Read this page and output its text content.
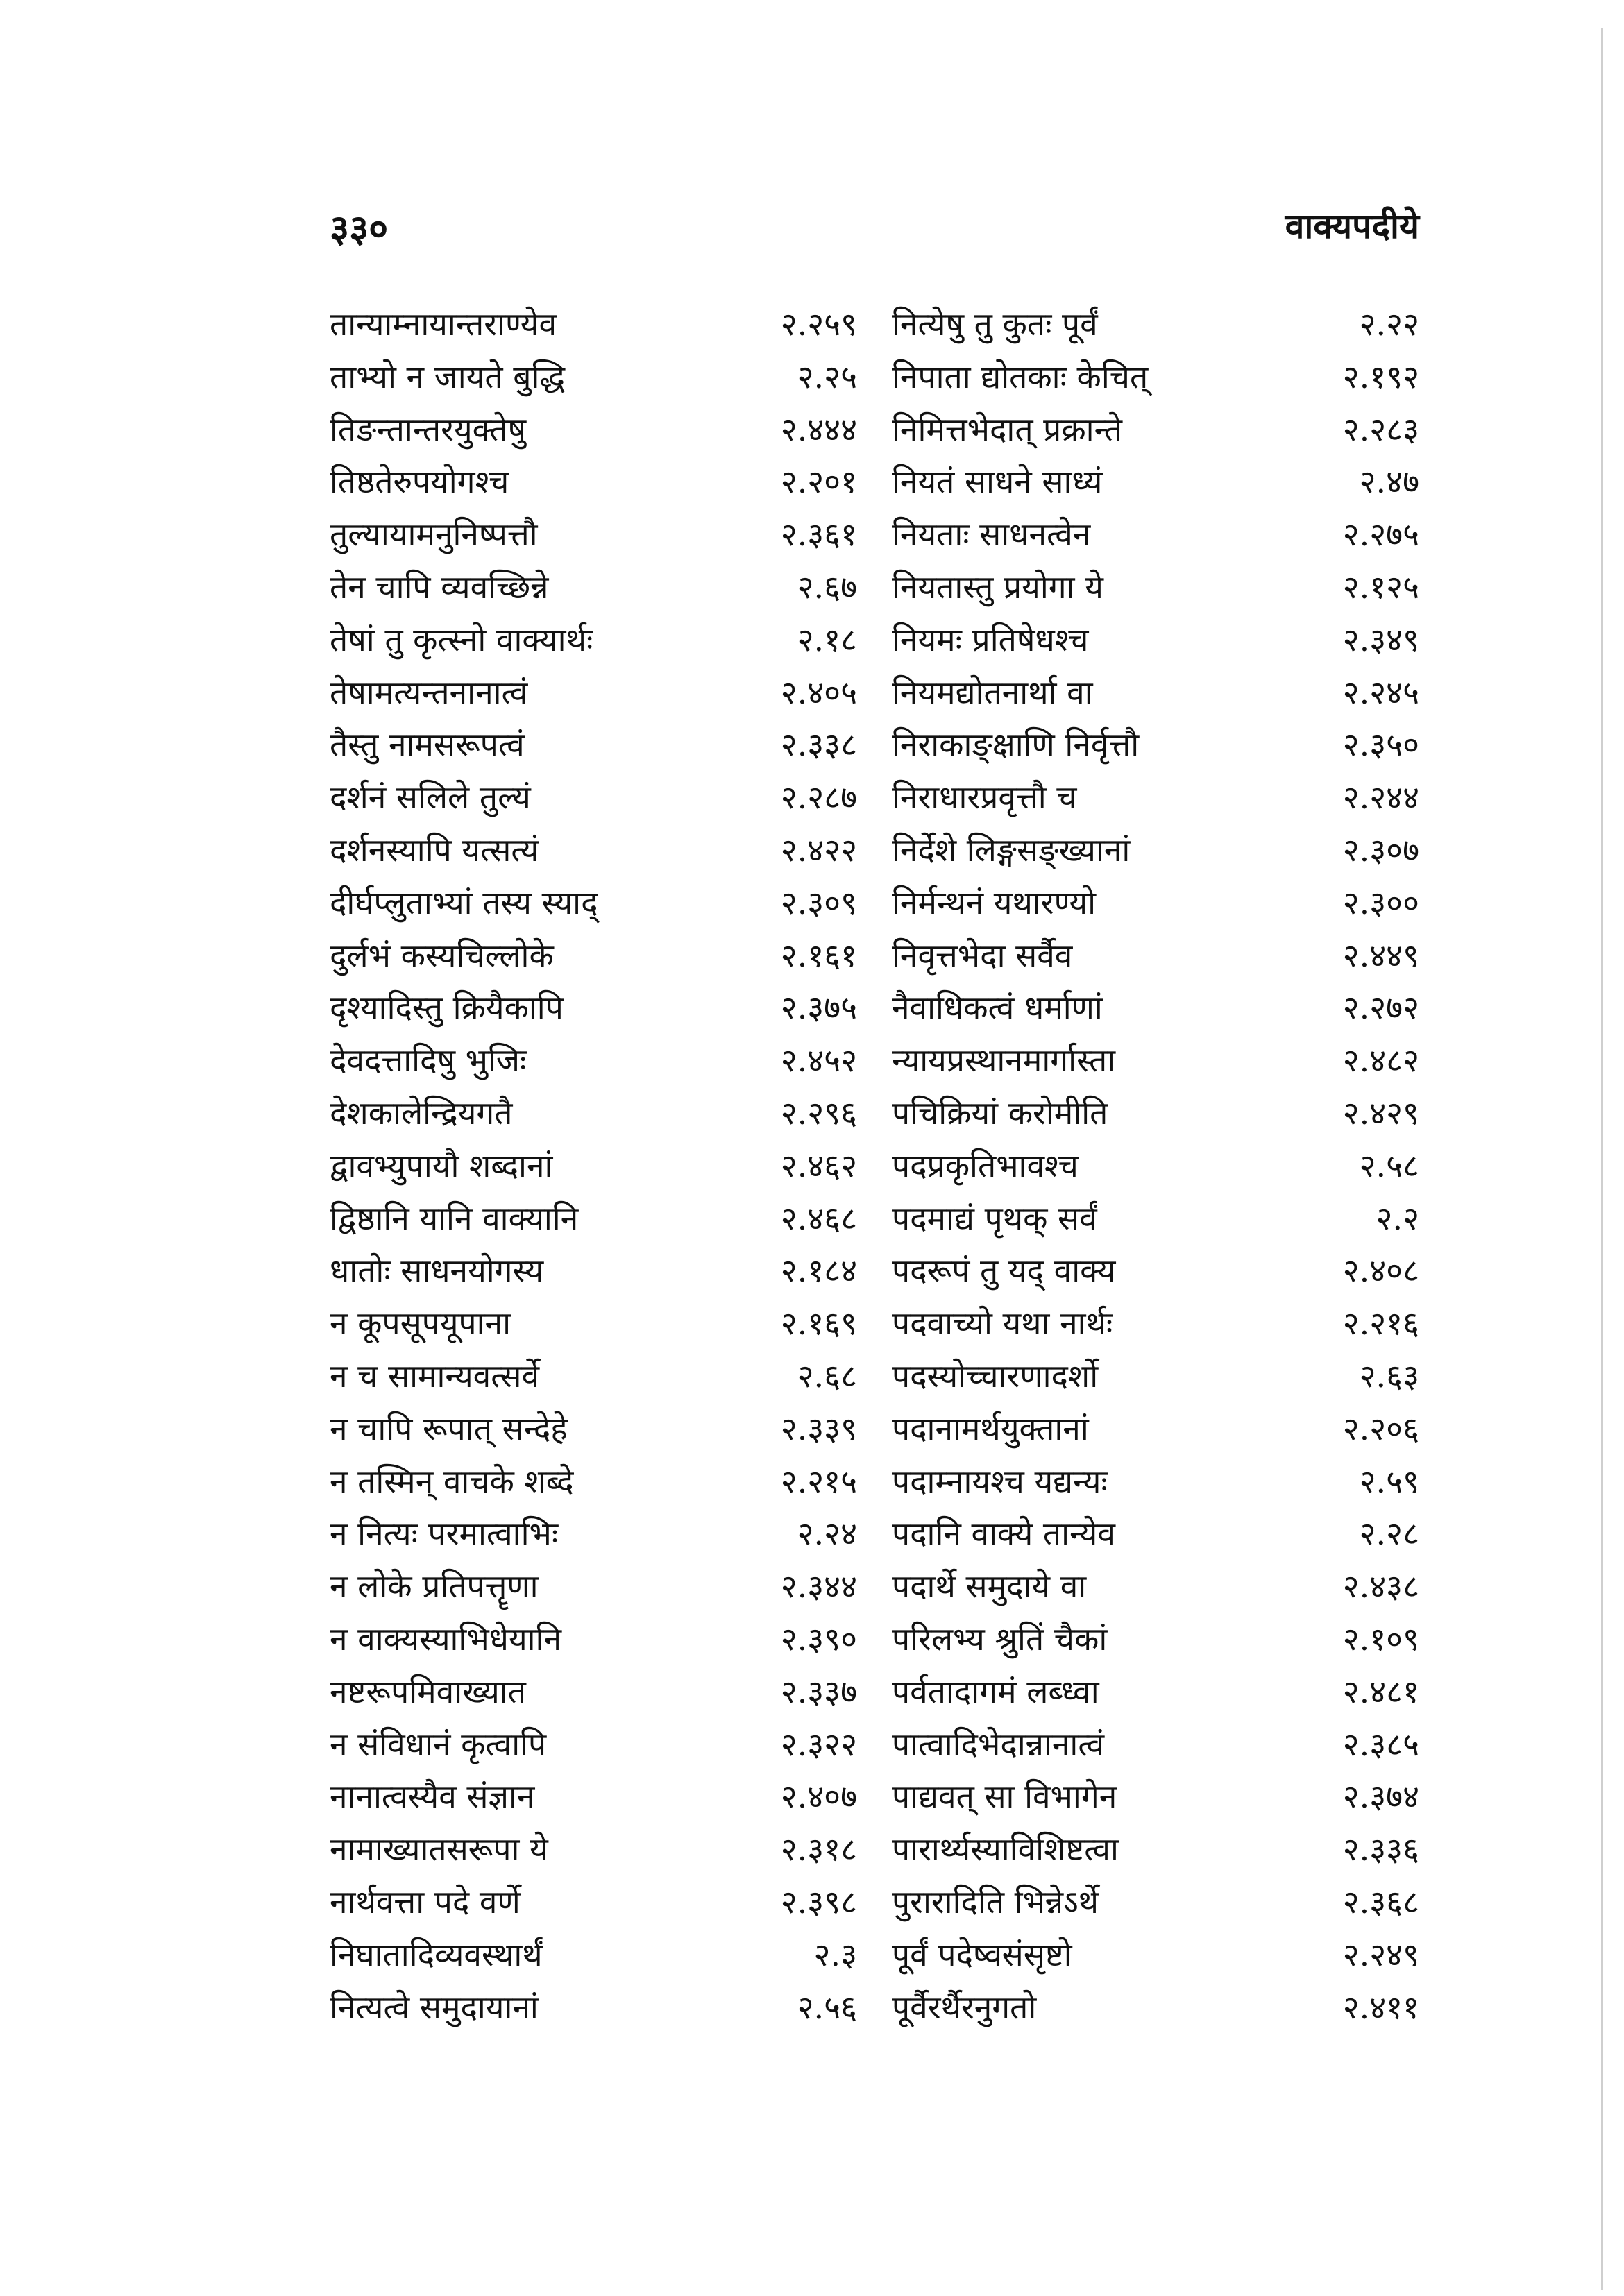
३३०	वाक्यपदीये
तान्याम्नायान्तराण्येव	२.२५९
ताभ्यो न जायते बुद्धि	२.२५
तिङन्तान्तरयुक्तेषु	२.४४४
तिष्ठतेरुपयोगश्च	२.२०१
तुल्यायामनुनिष्पत्तौ	२.३६१
तेन चापि व्यवच्छिन्ने	२.६७
तेषां तु कृत्स्नो वाक्यार्थः	२.१८
तेषामत्यन्तनानात्वं	२.४०५
तैस्तु नामसरूपत्वं	२.३३८
दर्शनं सलिले तुल्यं	२.२८७
दर्शनस्यापि यत्सत्यं	२.४२२
दीर्घप्लुताभ्यां तस्य स्याद्	२.३०९
दुर्लभं कस्यचिल्लोके	२.१६१
दृश्यादिस्तु क्रियैकापि	२.३७५
देवदत्तादिषु भुजिः	२.४५२
देशकालेन्द्रियगतै	२.२९६
द्वावभ्युपायौ शब्दानां	२.४६२
द्विष्ठानि यानि वाक्यानि	२.४६८
धातोः साधनयोगस्य	२.१८४
न कूपसूपयूपाना	२.१६९
न च सामान्यवत्सर्वे	२.६८
न चापि रूपात् सन्देहे	२.३३९
न तस्मिन् वाचके शब्दे	२.२१५
न नित्यः परमात्वाभिः	२.२४
न लोके प्रतिपत्तॄणा	२.३४४
न वाक्यस्याभिधेयानि	२.३९०
नष्टरूपमिवाख्यात	२.३३७
न संविधानं कृत्वापि	२.३२२
नानात्वस्यैव संज्ञान	२.४०७
नामाख्यातसरूपा ये	२.३१८
नार्थवत्ता पदे वर्णे	२.३९८
निघातादिव्यवस्थार्थं	२.३
नित्यत्वे समुदायानां	२.५६
नित्येषु तु कुतः पूर्वं	२.२२
निपाता द्योतकाः केचित्	२.१९२
निमित्तभेदात् प्रक्रान्ते	२.२८३
नियतं साधने साध्यं	२.४७
नियताः साधनत्वेन	२.२७५
नियतास्तु प्रयोगा ये	२.१२५
नियमः प्रतिषेधश्च	२.३४९
नियमद्योतनार्था वा	२.२४५
निराकाङ्क्षाणि निर्वृत्तौ	२.३५०
निराधारप्रवृत्तौ च	२.२४४
निर्देशे लिङ्गसङ्ख्यानां	२.३०७
निर्मन्थनं यथारण्यो	२.३००
निवृत्तभेदा सर्वैव	२.४४९
नैवाधिकत्वं धर्माणां	२.२७२
न्यायप्रस्थानमार्गास्ता	२.४८२
पचिक्रियां करोमीति	२.४२९
पदप्रकृतिभावश्च	२.५८
पदमाद्यं पृथक् सर्वं	२.२
पदरूपं तु यद् वाक्य	२.४०८
पदवाच्यो यथा नार्थः	२.२१६
पदस्योच्चारणादर्शो	२.६३
पदानामर्थयुक्तानां	२.२०६
पदाम्नायश्च यद्यन्यः	२.५९
पदानि वाक्ये तान्येव	२.२८
पदार्थे समुदाये वा	२.४३८
परिलभ्य श्रुतिं चैकां	२.१०९
पर्वतादागमं लब्ध्वा	२.४८१
पात्वादिभेदान्नानात्वं	२.३८५
पाद्यवत् सा विभागेन	२.३७४
पारार्थ्यस्याविशिष्टत्वा	२.३३६
पुरारादिति भिन्नेऽर्थे	२.३६८
पूर्वं पदेष्वसंसृष्टो	२.२४९
पूर्वैरर्थैरनुगतो	२.४११
